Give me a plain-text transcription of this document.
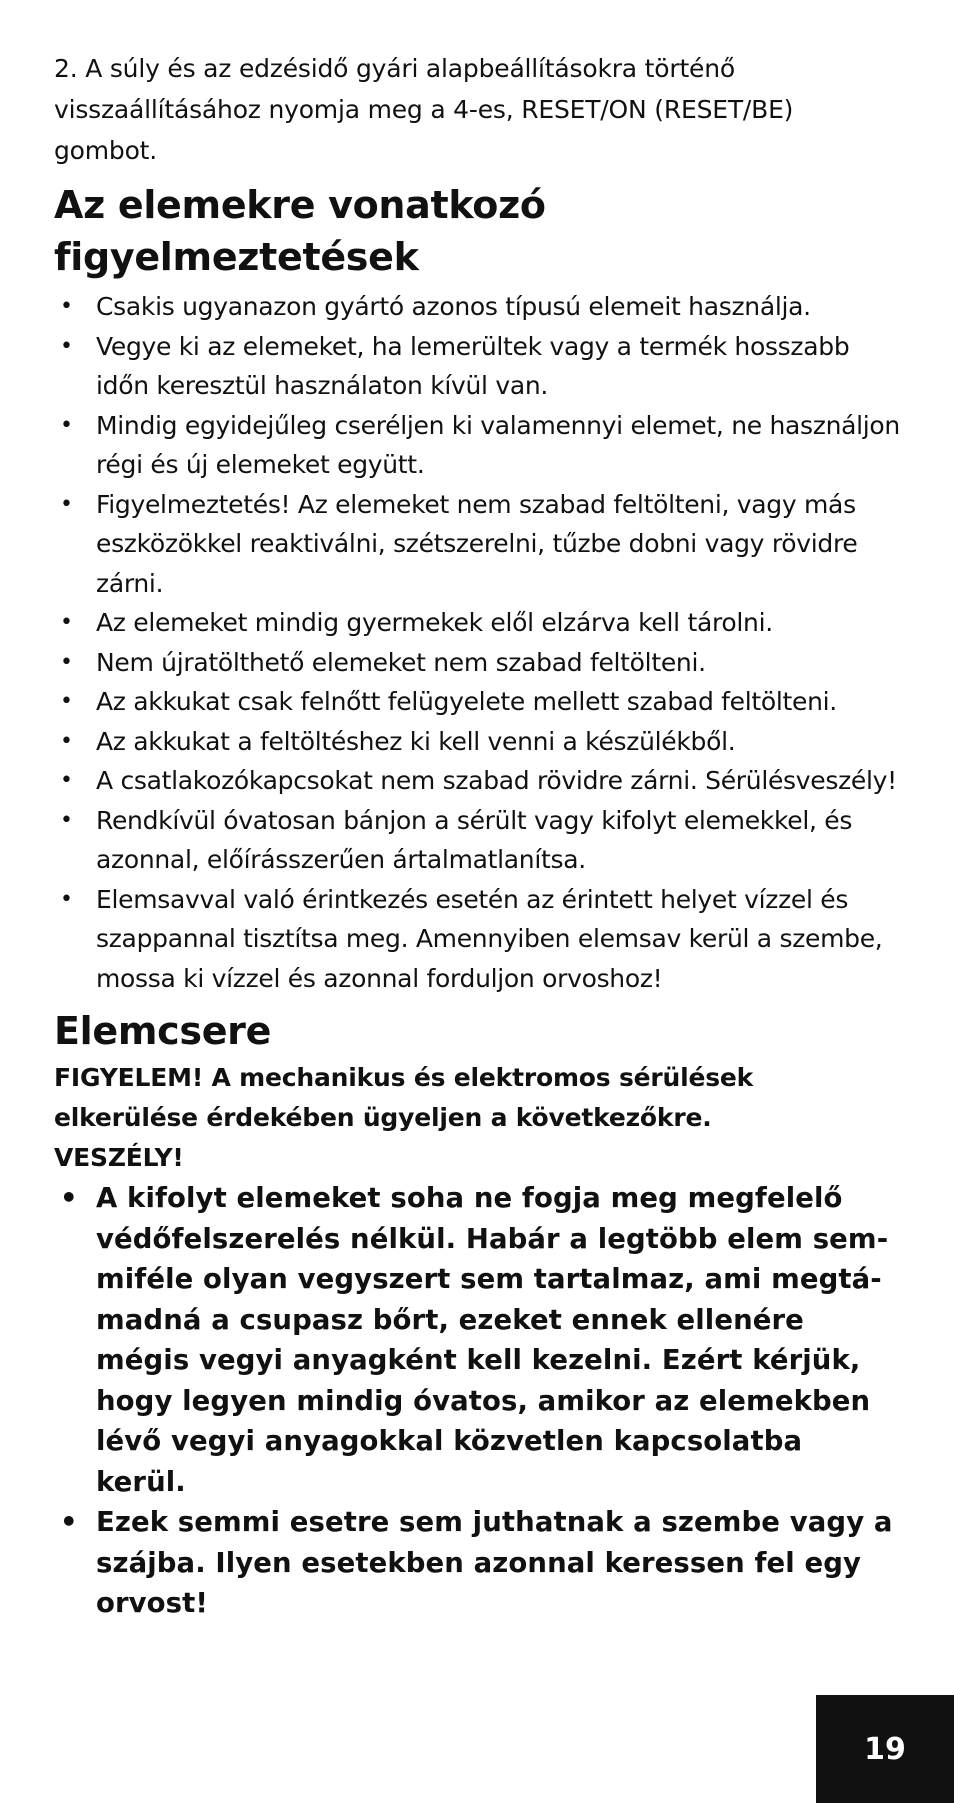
2. A súly és az edzésidő gyári alapbeállításokra történő visszaállításához nyomja meg a 4-es, RESET/ON (RESET/BE) gombot.

Az elemekre vonatkozó figyelmeztetések
• Csakis ugyanazon gyártó azonos típusú elemeit használja.
• Vegye ki az elemeket, ha lemerültek vagy a termék hosszabb időn keresztül használaton kívül van.
• Mindig egyidejűleg cseréljen ki valamennyi elemet, ne használjon régi és új elemeket együtt.
• Figyelmeztetés! Az elemeket nem szabad feltölteni, vagy más eszközökkel reaktiválni, szétszerelni, tűzbe dobni vagy rövidre zárni.
• Az elemeket mindig gyermekek elől elzárva kell tárolni.
• Nem újratölthető elemeket nem szabad feltölteni.
• Az akkukat csak felnőtt felügyelete mellett szabad feltölteni.
• Az akkukat a feltöltéshez ki kell venni a készülékből.
• A csatlakozókapcsokat nem szabad rövidre zárni. Sérülésveszély!
• Rendkívül óvatosan bánjon a sérült vagy kifolyt elemekkel, és azonnal, előírásszerűen ártalmatlanítsa.
• Elemsavval való érintkezés esetén az érintett helyet vízzel és szappannal tisztítsa meg. Amennyiben elemsav kerül a szembe, mossa ki vízzel és azonnal forduljon orvoshoz!
Elemcsere

FIGYELEM! A mechanikus és elektromos sérülések elkerülése érdekében ügyeljen a következőkre.

VESZÉLY!

• A kifolyt elemeket soha ne fogja meg megfelelő védőfelszerelés nélkül. Habár a legtöbb elem semmiféle olyan vegyszert sem tartalmaz, ami megtámadná a csupasz bőrt, ezeket ennek ellenére mégis vegyi anyagként kell kezelni. Ezért kérjük, hogy legyen mindig óvatos, amikor az elemekben lévő vegyi anyagokkal közvetlen kapcsolatba kerül.
• Ezek semmi esetre sem juthatnak a szembe vagy a szájba. Ilyen esetekben azonnal keressen fel egy orvost!
19
